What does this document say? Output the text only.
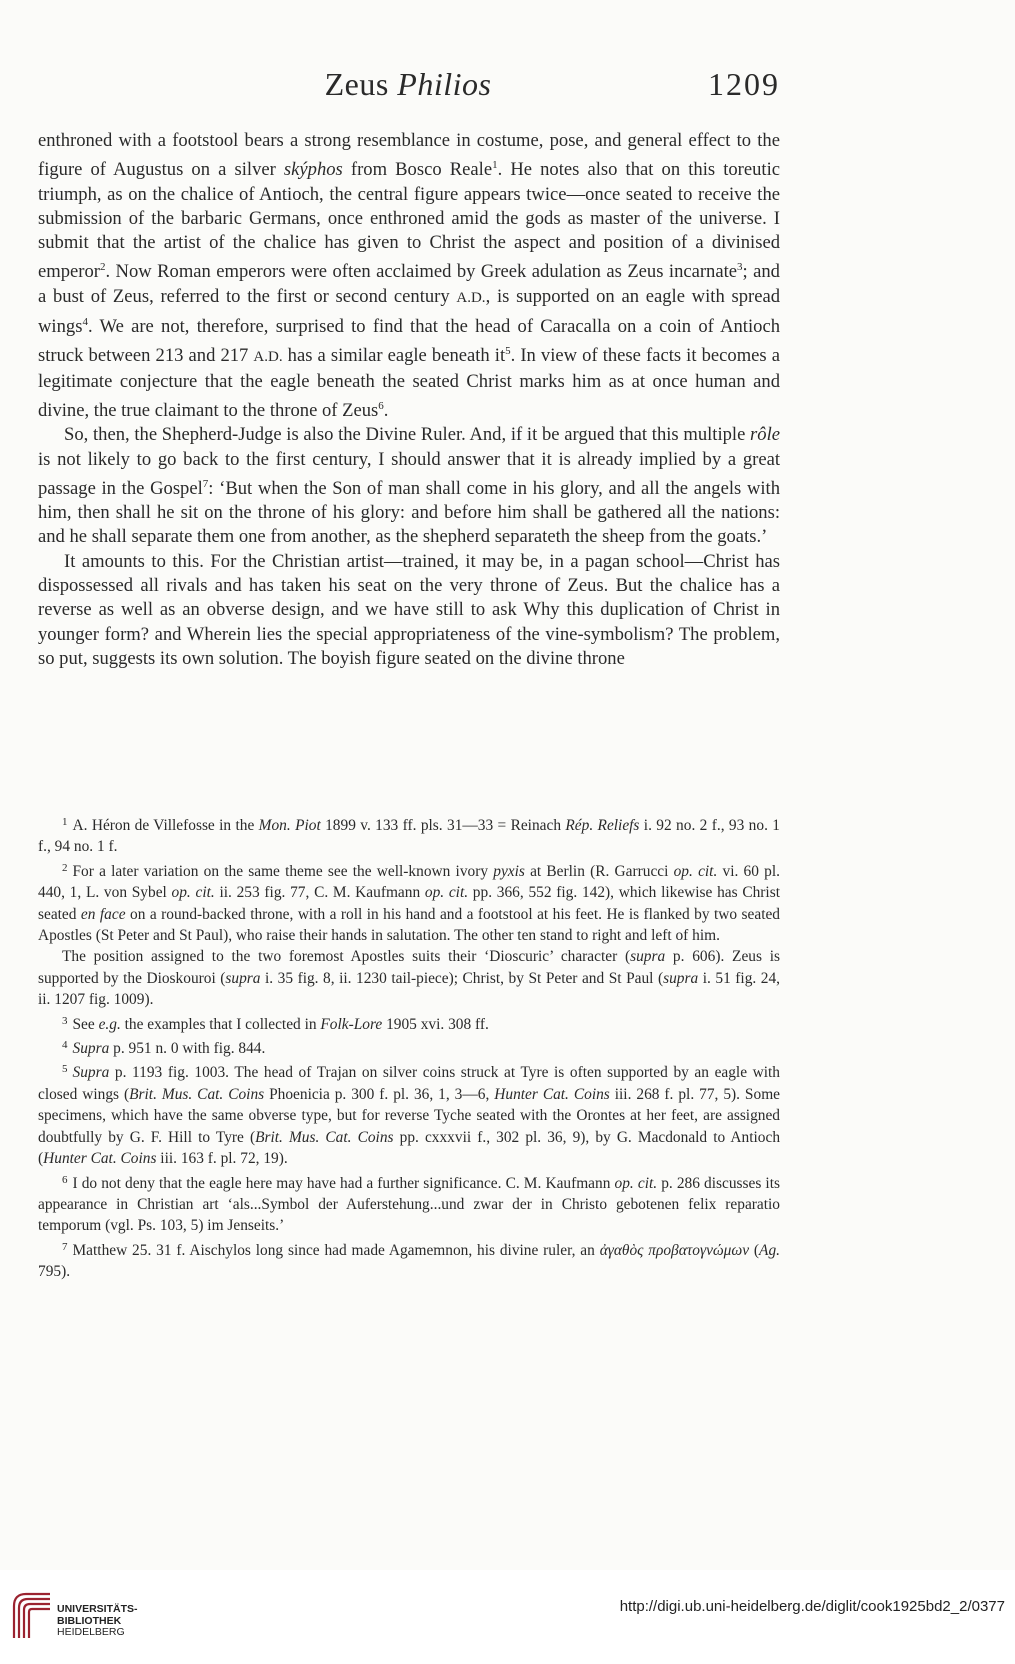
Zeus Philios	1209

enthroned with a footstool bears a strong resemblance in costume, pose, and general effect to the figure of Augustus on a silver skýphos from Bosco Reale$^1$. He notes also that on this toreutic triumph, as on the chalice of Antioch, the central figure appears twice—once seated to receive the submission of the barbaric Germans, once enthroned amid the gods as master of the universe. I submit that the artist of the chalice has given to Christ the aspect and position of a divinised emperor$^2$. Now Roman emperors were often acclaimed by Greek adulation as Zeus incarnate$^3$; and a bust of Zeus, referred to the first or second century A.D., is supported on an eagle with spread wings$^4$. We are not, therefore, surprised to find that the head of Caracalla on a coin of Antioch struck between 213 and 217 A.D. has a similar eagle beneath $it^5$. In view of these facts it becomes a legitimate conjecture that the eagle beneath the seated Christ marks him as at once human and divine, the true claimant to the throne of Zeus$^6$.

So, then, the Shepherd-Judge is also the Divine Ruler. And, if it be argued that this multiple rôle is not likely to go back to the first century, I should answer that it is already implied by a great passage in the Gospel$^7$: ‘But when the Son of man shall come in his glory, and all the angels with him, then shall he sit on the throne of his glory: and before him shall be gathered all the nations: and he shall separate them one from another, as the shepherd separateth the sheep from the goats.’

It amounts to this. For the Christian artist—trained, it may be, in a pagan school—Christ has dispossessed all rivals and has taken his seat on the very throne of Zeus. But the chalice has a reverse as well as an obverse design, and we have still to ask Why this duplication of Christ in younger form? and Wherein lies the special appropriateness of the vine-symbolism? The problem, so put, suggests its own solution. The boyish figure seated on the divine throne

$^1$ A. Héron de Villefosse in the Mon. Piot 1899 v. 133 ff. pls. 31—33 = Reinach Rép. Reliefs i. 92 no. 2 f., 93 no. 1 f., 94 no. 1 f.

$^2$ For a later variation on the same theme see the well-known ivory pyxis at Berlin (R. Garrucci op. cit. vi. 60 pl. 440, 1, L. von Sybel op. cit. ii. 253 fig. 77, C. M. Kaufmann op. cit. pp. 366, 552 fig. 142), which likewise has Christ seated en face on a round-backed throne, with a roll in his hand and a footstool at his feet. He is flanked by two seated Apostles (St Peter and St Paul), who raise their hands in salutation. The other ten stand to right and left of him.

The position assigned to the two foremost Apostles suits their ‘Dioscuric’ character (supra p. 606). Zeus is supported by the Dioskouroi (supra i. 35 fig. 8, ii. 1230 tail-piece); Christ, by St Peter and St Paul (supra i. 51 fig. 24, ii. 1207 fig. 1009).

$^3$ See e.g. the examples that I collected in Folk-Lore 1905 xvi. 308 ff.

$^4$ Supra p. 951 n. 0 with fig. 844.

$^5$ Supra p. 1193 fig. 1003. The head of Trajan on silver coins struck at Tyre is often supported by an eagle with closed wings (Brit. Mus. Cat. Coins Phoenicia p. 300 f. pl. 36, 1, 3—6, Hunter Cat. Coins iii. 268 f. pl. 77, 5). Some specimens, which have the same obverse type, but for reverse Tyche seated with the Orontes at her feet, are assigned doubtfully by G. F. Hill to Tyre (Brit. Mus. Cat. Coins pp. cxxxvii f., 302 pl. 36, 9), by G. Macdonald to Antioch (Hunter Cat. Coins iii. 163 f. pl. 72, 19).

$^6$ I do not deny that the eagle here may have had a further significance. C. M. Kaufmann op. cit. p. 286 discusses its appearance in Christian art ‘als...Symbol der Auferstehung...und zwar der in Christo gebotenen felix reparatio temporum (vgl. Ps. 103, 5) im Jenseits.’

$^7$ Matthew 25. 31 f. Aischylos long since had made Agamemnon, his divine ruler, an ἀγαθὸς προβατογνώμων (Ag. 795).

UNIVERSITÄTS-
BIBLIOTHEK
HEIDELBERG
http://digi.ub.uni-heidelberg.de/diglit/cook1925bd2_2/0377
